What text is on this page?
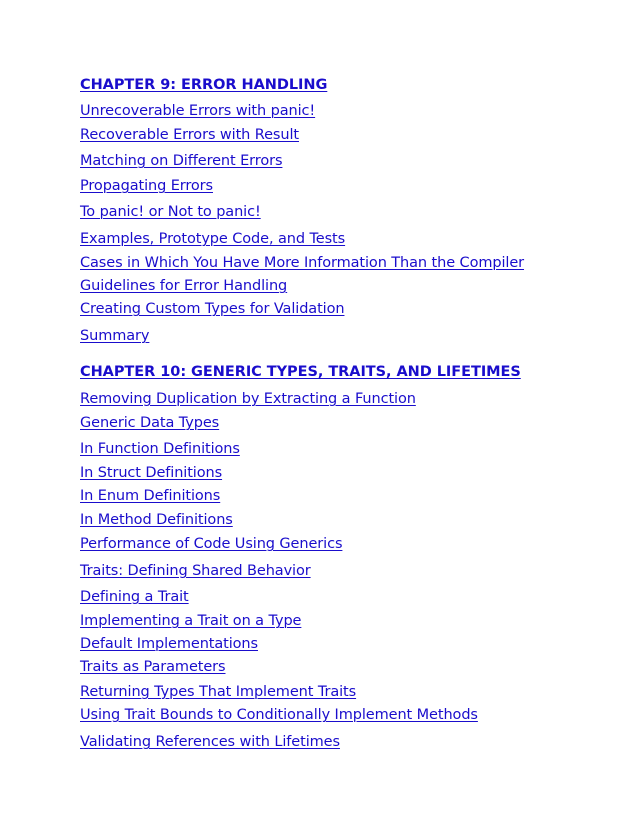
CHAPTER 9: ERROR HANDLING
Unrecoverable Errors with panic!
Recoverable Errors with Result
Matching on Different Errors
Propagating Errors
To panic! or Not to panic!
Examples, Prototype Code, and Tests
Cases in Which You Have More Information Than the Compiler
Guidelines for Error Handling
Creating Custom Types for Validation
Summary
CHAPTER 10: GENERIC TYPES, TRAITS, AND LIFETIMES
Removing Duplication by Extracting a Function
Generic Data Types
In Function Definitions
In Struct Definitions
In Enum Definitions
In Method Definitions
Performance of Code Using Generics
Traits: Defining Shared Behavior
Defining a Trait
Implementing a Trait on a Type
Default Implementations
Traits as Parameters
Returning Types That Implement Traits
Using Trait Bounds to Conditionally Implement Methods
Validating References with Lifetimes
